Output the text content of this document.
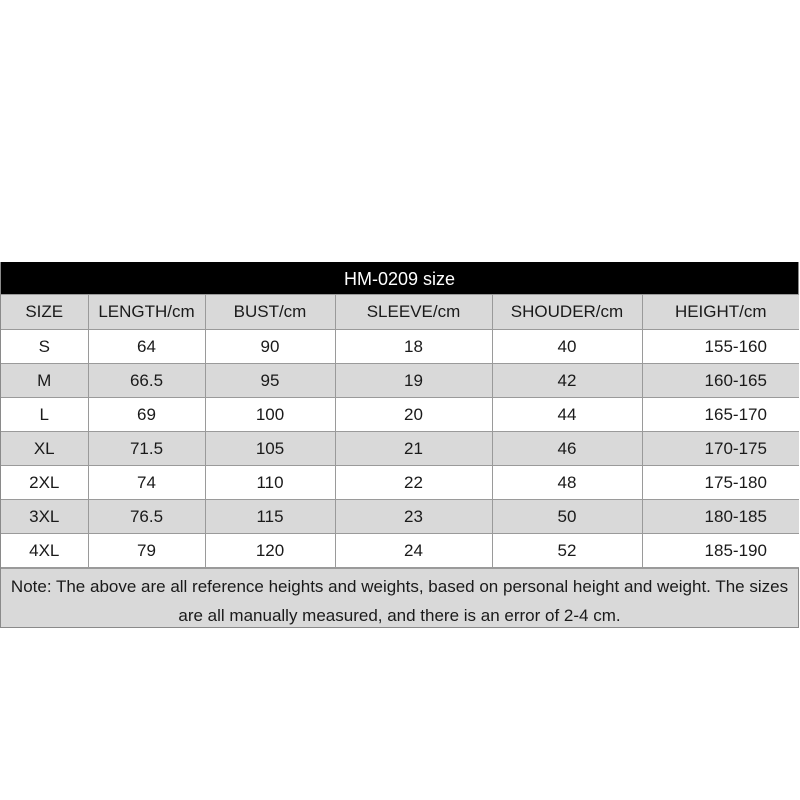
HM-0209 size
SIZE	LENGTH/cm	BUST/cm	SLEEVE/cm	SHOUDER/cm	HEIGHT/cm
S	64	90	18	40	155-160
M	66.5	95	19	42	160-165
L	69	100	20	44	165-170
XL	71.5	105	21	46	170-175
2XL	74	110	22	48	175-180
3XL	76.5	115	23	50	180-185
4XL	79	120	24	52	185-190
Note: The above are all reference heights and weights, based on personal height and weight. The sizes are all manually measured, and there is an error of 2-4 cm.
